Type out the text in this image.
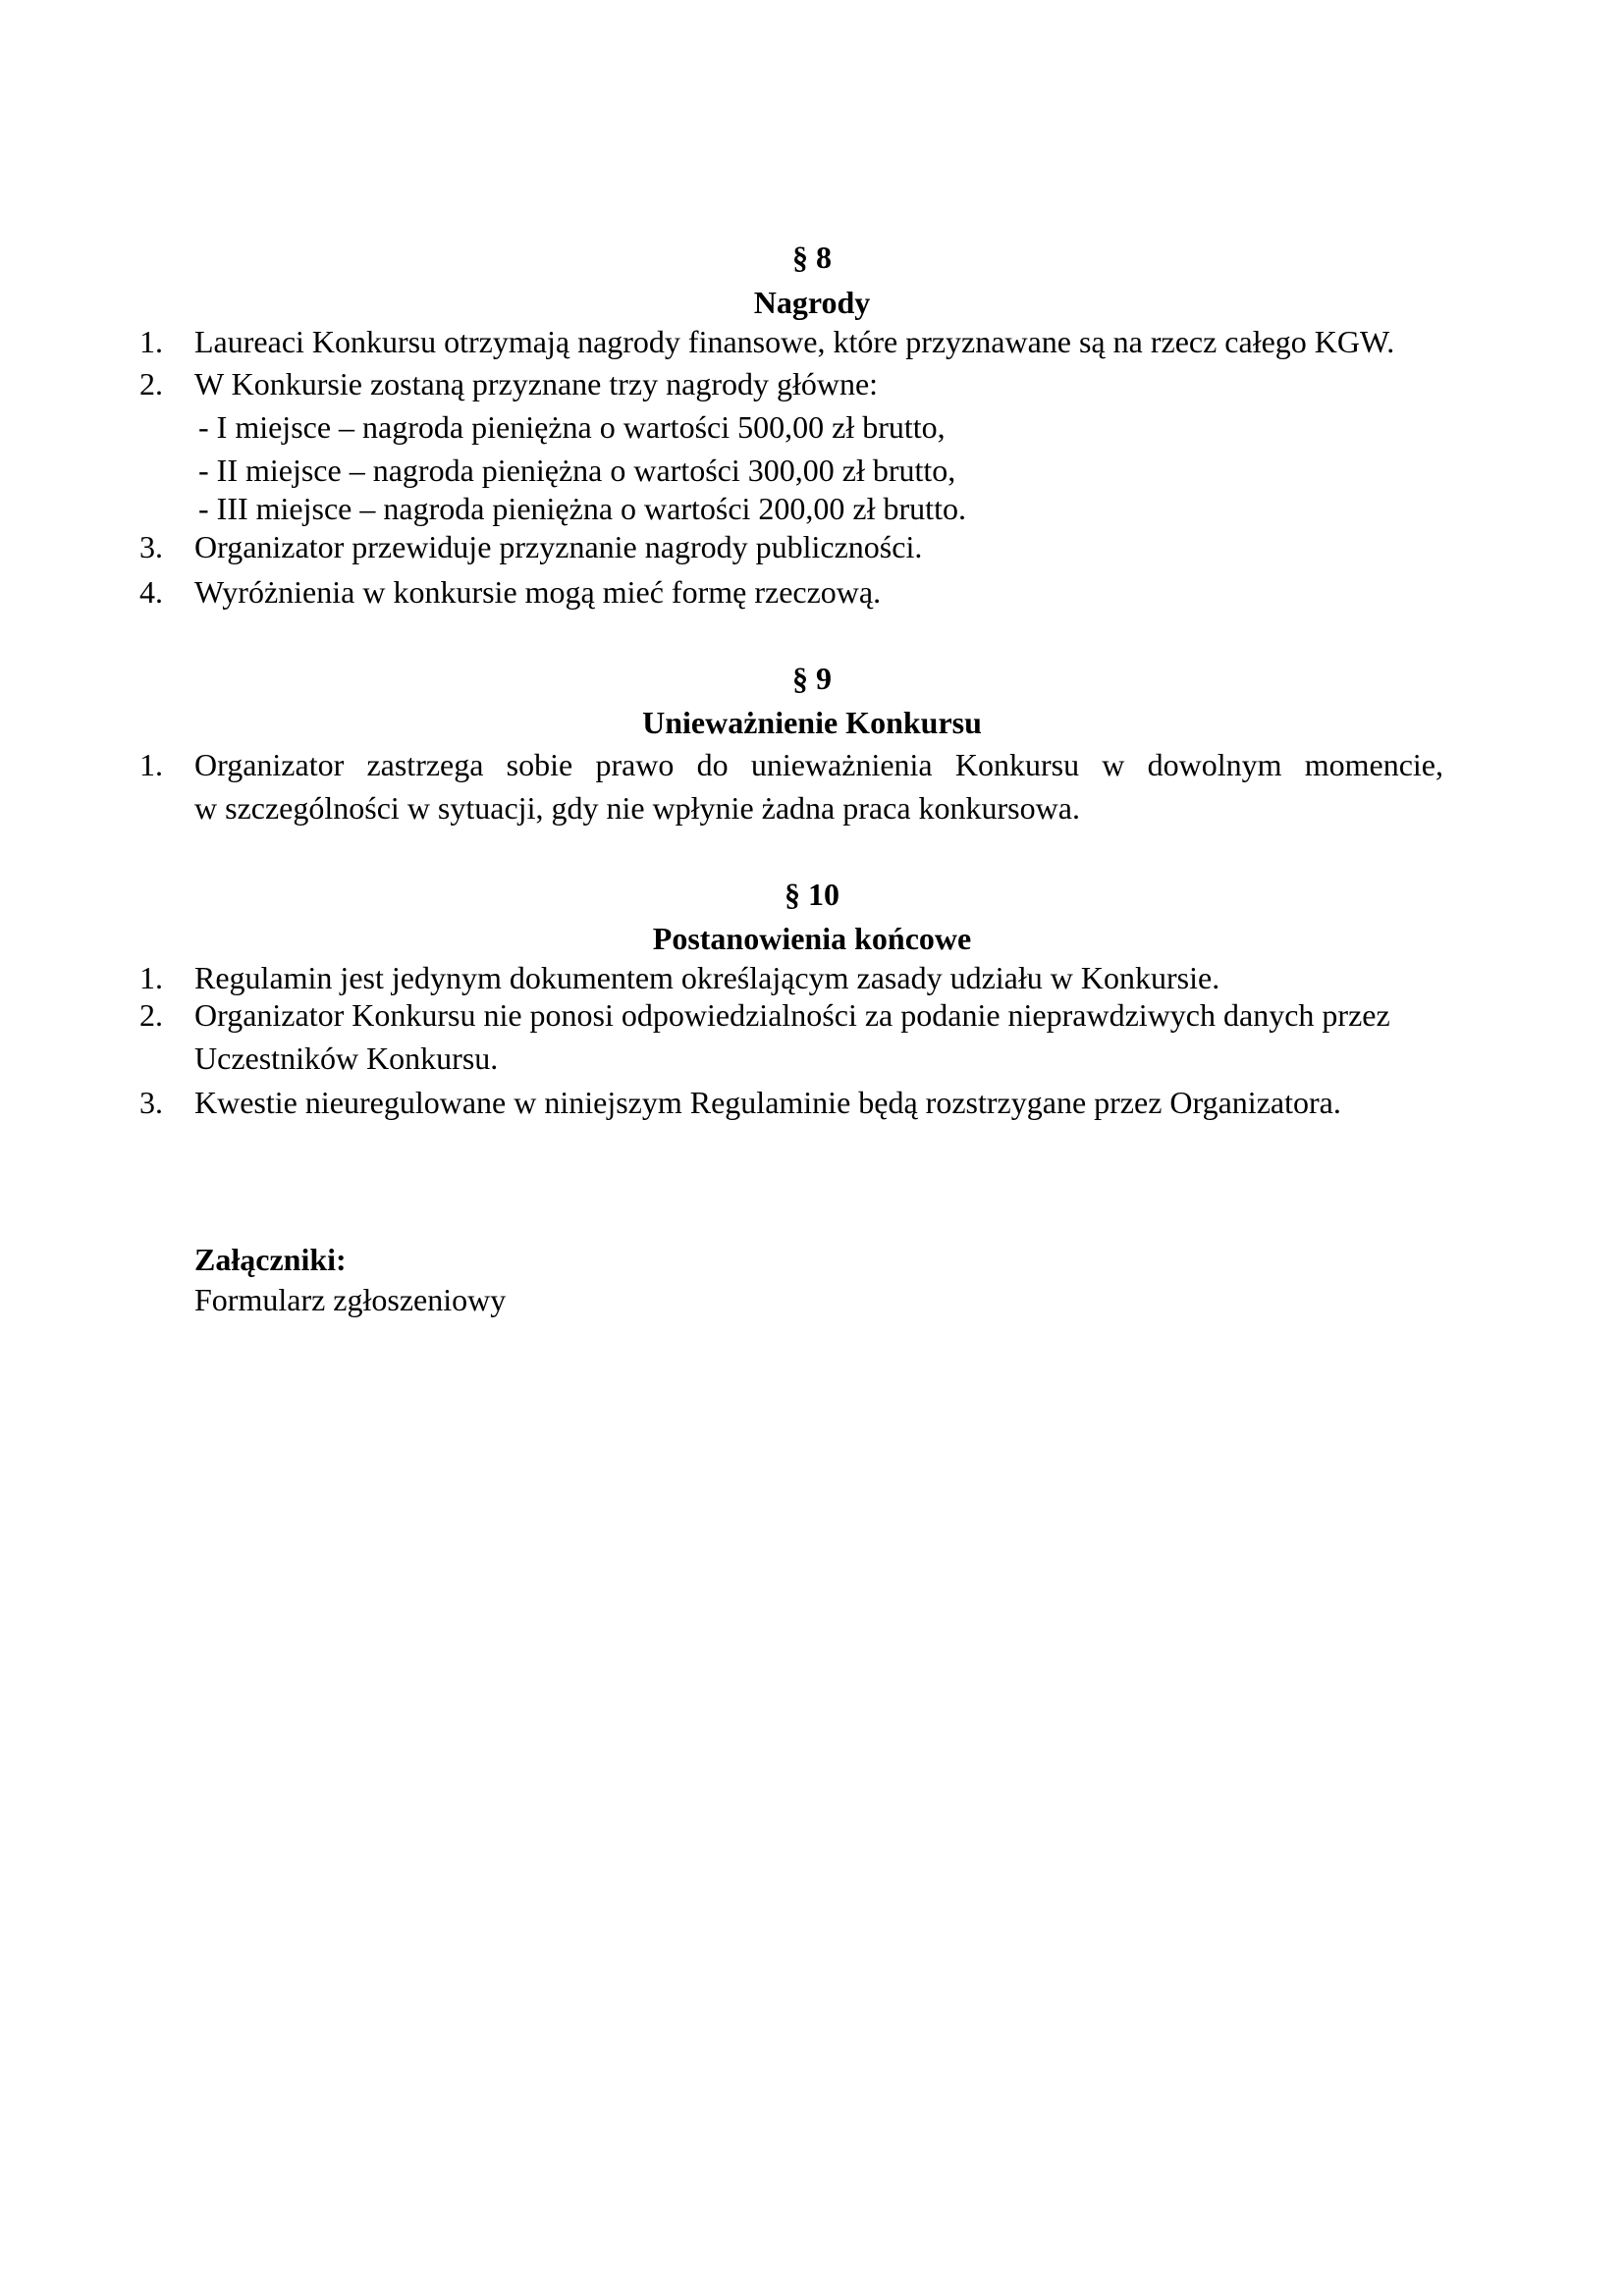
§ 8
Nagrody
1. Laureaci Konkursu otrzymają nagrody finansowe, które przyznawane są na rzecz całego KGW.
2. W Konkursie zostaną przyznane trzy nagrody główne:
- I miejsce – nagroda pieniężna o wartości 500,00 zł brutto,
- II miejsce – nagroda pieniężna o wartości 300,00 zł brutto,
- III miejsce – nagroda pieniężna o wartości 200,00 zł brutto.
3. Organizator przewiduje przyznanie nagrody publiczności.
4. Wyróżnienia w konkursie mogą mieć formę rzeczową.
§ 9
Unieważnienie Konkursu
1. Organizator zastrzega sobie prawo do unieważnienia Konkursu w dowolnym momencie,
w szczególności w sytuacji, gdy nie wpłynie żadna praca konkursowa.
§ 10
Postanowienia końcowe
1. Regulamin jest jedynym dokumentem określającym zasady udziału w Konkursie.
2. Organizator Konkursu nie ponosi odpowiedzialności za podanie nieprawdziwych danych przez
Uczestników Konkursu.
3. Kwestie nieuregulowane w niniejszym Regulaminie będą rozstrzygane przez Organizatora.
Załączniki:
Formularz zgłoszeniowy
